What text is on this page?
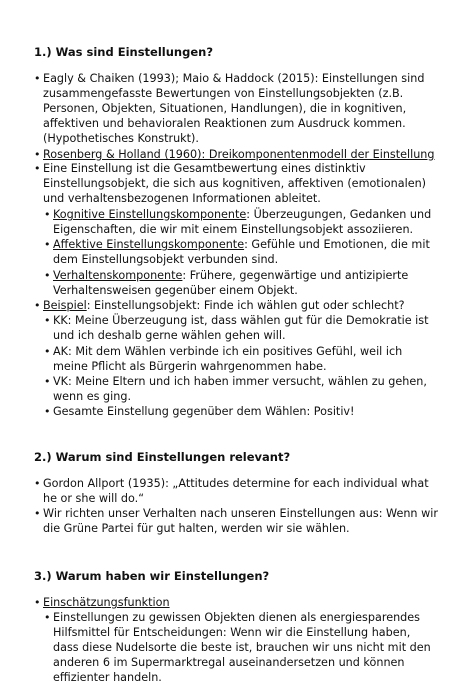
1.) Was sind Einstellungen?
• Eagly & Chaiken (1993); Maio & Haddock (2015): Einstellungen sind zusammengefasste Bewertungen von Einstellungsobjekten (z.B. Personen, Objekten, Situationen, Handlungen), die in kognitiven, affektiven und behavioralen Reaktionen zum Ausdruck kommen. (Hypothetisches Konstrukt).
• Rosenberg & Holland (1960): Dreikomponentenmodell der Einstellung
• Eine Einstellung ist die Gesamtbewertung eines distinktiv Einstellungsobjekt, die sich aus kognitiven, affektiven (emotionalen) und verhaltensbezogenen Informationen ableitet.
• Kognitive Einstellungskomponente: Überzeugungen, Gedanken und Eigenschaften, die wir mit einem Einstellungsobjekt assoziieren.
• Affektive Einstellungskomponente: Gefühle und Emotionen, die mit dem Einstellungsobjekt verbunden sind.
• Verhaltenskomponente: Frühere, gegenwärtige und antizipierte Verhaltensweisen gegenüber einem Objekt.
• Beispiel: Einstellungsobjekt: Finde ich wählen gut oder schlecht?
• KK: Meine Überzeugung ist, dass wählen gut für die Demokratie ist und ich deshalb gerne wählen gehen will.
• AK: Mit dem Wählen verbinde ich ein positives Gefühl, weil ich meine Pflicht als Bürgerin wahrgenommen habe.
• VK: Meine Eltern und ich haben immer versucht, wählen zu gehen, wenn es ging.
• Gesamte Einstellung gegenüber dem Wählen: Positiv!
2.) Warum sind Einstellungen relevant?
• Gordon Allport (1935): „Attitudes determine for each individual what he or she will do.“
• Wir richten unser Verhalten nach unseren Einstellungen aus: Wenn wir die Grüne Partei für gut halten, werden wir sie wählen.
3.) Warum haben wir Einstellungen?
• Einschätzungsfunktion
• Einstellungen zu gewissen Objekten dienen als energiesparendes Hilfsmittel für Entscheidungen: Wenn wir die Einstellung haben, dass diese Nudelsorte die beste ist, brauchen wir uns nicht mit den anderen 6 im Supermarktregal auseinandersetzen und können effizienter handeln.
